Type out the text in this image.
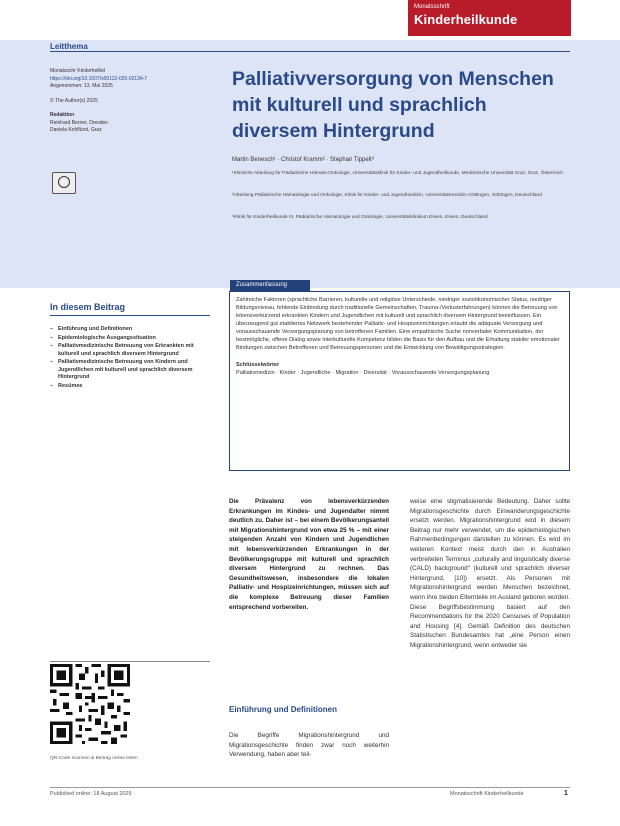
Monatsschrift
Kinderheilkunde
Leitthema
Monatsschr Kinderheilkd
https://doi.org/10.1007/s00112-025-02134-7
Angenommen: 13. Mai 2025
© The Author(s) 2025
Redaktion
Reinhard Berner, Dresden
Daniela Kohlfürst, Graz
Palliativversorgung von Menschen mit kulturell und sprachlich diversem Hintergrund
Martin Benesch¹ · Christof Kramm² · Stephan Tippelt³
¹Klinische Abteilung für Pädiatrische Hämato-Onkologie, Universitätsklinik für Kinder- und Jugendheilkunde, Medizinische Universität Graz, Graz, Österreich
²Abteilung Pädiatrische Hämatologie und Onkologie, Klinik für Kinder- und Jugendmedizin, Universitätsmedizin Göttingen, Göttingen, Deutschland
³Klinik für Kinderheilkunde III, Pädiatrische Hämatologie und Onkologie, Universitätsklinikum Essen, Essen, Deutschland
Zusammenfassung
Zahlreiche Faktoren (sprachliche Barrieren, kulturelle und religiöse Unterschiede, niedriger sozioökonomischer Status, niedriger Bildungsniveau, fehlende Einbindung durch traditionelle Gemeinschaften, Trauma-/Verlusterfahrungen) können die Betreuung von lebensverkürzend erkrankten Kindern und Jugendlichen mit kulturell und sprachlich diversem Hintergrund beeinflussen. Ein überzeugend gut etabliertes Netzwerk bestehender Palliativ- und Hospizeinrichtungen erlaubt die adäquate Versorgung und vorausschauende Versorgungsplanung von betroffenen Familien. Eine empathische Suche nonverbaler Kommunikation, der bestmögliche, offene Dialog sowie interkulturelle Kompetenz bilden die Basis für den Aufbau und die Erhaltung stabiler emotionaler Bindungen zwischen Betroffenen und Betreuungspersonen und die Entwicklung von Bewältigungsstrategien.
Schlüsselwörter
Palliativmedizin · Kinder · Jugendliche · Migration · Diversität · Vorausschauende Versorgungsplanung
In diesem Beitrag
– Einführung und Definitionen
– Epidemiologische Ausgangssituation
– Palliativmedizinische Betreuung von Erkrankten mit kulturell und sprachlich diversem Hintergrund
– Palliativmedizinische Betreuung von Kindern und Jugendlichen mit kulturell und sprachlich diversem Hintergrund
– Resümee
Die Prävalenz von lebensverkürzenden Erkrankungen im Kindes- und Jugendalter nimmt deutlich zu. Daher ist – bei einem Bevölkerungsanteil mit Migrationshintergrund von etwa 25 % – mit einer steigenden Anzahl von Kindern und Jugendlichen mit lebensverkürzenden Erkrankungen in der Bevölkerungsgruppe mit kulturell und sprachlich diversem Hintergrund zu rechnen. Das Gesundheitswesen, insbesondere die lokalen Palliativ- und Hospizeinrichtungen, müssen sich auf die komplexe Betreuung dieser Familien entsprechend vorbereiten.
Einführung und Definitionen
Die Begriffe Migrationshintergrund und Migrationsgeschichte finden zwar noch weiterhin Verwendung, haben aber teil-
weise eine stigmatisierende Bedeutung. Daher sollte Migrationsgeschichte durch Einwanderungsgeschichte ersetzt werden. Migrationshintergrund wird in diesem Beitrag nur mehr verwendet, um die epidemiologischen Rahmenbedingungen darstellen zu können. Es wird im weiteren Kontext meist durch den in Australien verbreiteten Terminus „culturally and linguistically diverse (CALD) background“ (kulturell und sprachlich diverser Hintergrund, [10]) ersetzt. Als Personen mit Migrationshintergrund werden Menschen bezeichnet, wenn ihre beiden Elternteile im Ausland geboren wurden. Diese Begriffsbestimmung basiert auf den Recommendations for the 2020 Censuses of Population and Housing [4]. Gemäß Definition des deutschen Statistischen Bundesamtes hat „eine Person einen Migrationshintergrund, wenn entweder sie
QR-Code scannen & Beitrag online lesen
Published online: 18 August 2025	Monatsschrift Kinderheilkunde	1
